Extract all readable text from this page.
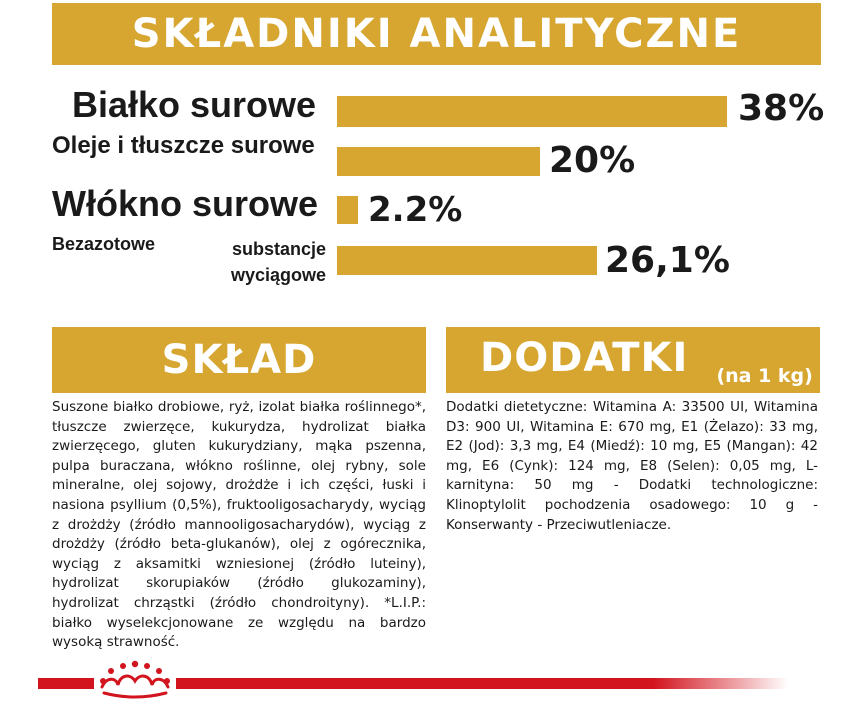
SKŁADNIKI ANALITYCZNE
Białko surowe	38%
Oleje i tłuszcze surowe	20%
Włókno surowe 2.2%
Bezazotowe	substancje wyciągowe	26,1%
SKŁAD
Suszone białko drobiowe, ryż, izolat białka roślinnego*, tłuszcze zwierzęce, kukurydza, hydrolizat białka zwierzęcego, gluten kukurydziany, mąka pszenna, pulpa buraczana, włókno roślinne, olej rybny, sole mineralne, olej sojowy, drożdże i ich części, łuski i nasiona psyllium (0,5%), fruktooligosacharydy, wyciąg z drożdży (źródło mannooligosacharydów), wyciąg z drożdży (źródło beta-glukanów), olej z ogórecznika, wyciąg z aksamitki wzniesionej (źródło luteiny), hydrolizat skorupiaków (źródło glukozaminy), hydrolizat chrząstki (źródło chondroityny). *L.I.P.: białko wyselekcjonowane ze względu na bardzo wysoką strawność.
DODATKI (na 1 kg)
Dodatki dietetyczne: Witamina A: 33500 UI, Witamina D3: 900 UI, Witamina E: 670 mg, E1 (Żelazo): 33 mg, E2 (Jod): 3,3 mg, E4 (Miedź): 10 mg, E5 (Mangan): 42 mg, E6 (Cynk): 124 mg, E8 (Selen): 0,05 mg, L-karnityna: 50 mg - Dodatki technologiczne: Klinoptylolit pochodzenia osadowego: 10 g - Konserwanty - Przeciwutleniacze.
